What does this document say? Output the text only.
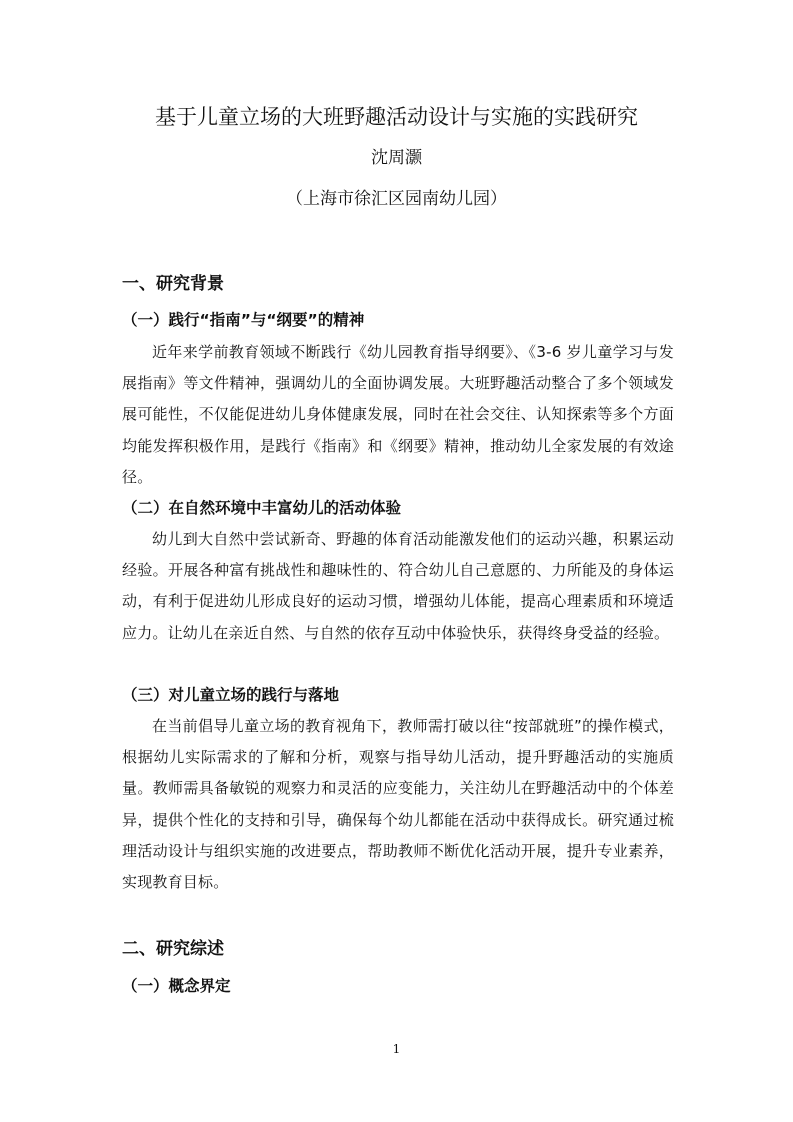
基于儿童立场的大班野趣活动设计与实施的实践研究
沈周灏
（上海市徐汇区园南幼儿园）
一、研究背景
（一）践行“指南”与“纲要”的精神

近年来学前教育领域不断践行《幼儿园教育指导纲要》、《3-6 岁儿童学习与发展指南》等文件精神，强调幼儿的全面协调发展。大班野趣活动整合了多个领域发展可能性，不仅能促进幼儿身体健康发展，同时在社会交往、认知探索等多个方面均能发挥积极作用，是践行《指南》和《纲要》精神，推动幼儿全家发展的有效途径。

（二）在自然环境中丰富幼儿的活动体验

幼儿到大自然中尝试新奇、野趣的体育活动能激发他们的运动兴趣，积累运动经验。开展各种富有挑战性和趣味性的、符合幼儿自己意愿的、力所能及的身体运动，有利于促进幼儿形成良好的运动习惯，增强幼儿体能，提高心理素质和环境适应力。让幼儿在亲近自然、与自然的依存互动中体验快乐，获得终身受益的经验。

（三）对儿童立场的践行与落地

在当前倡导儿童立场的教育视角下，教师需打破以往“按部就班”的操作模式，根据幼儿实际需求的了解和分析，观察与指导幼儿活动，提升野趣活动的实施质量。教师需具备敏锐的观察力和灵活的应变能力，关注幼儿在野趣活动中的个体差异，提供个性化的支持和引导，确保每个幼儿都能在活动中获得成长。研究通过梳理活动设计与组织实施的改进要点，帮助教师不断优化活动开展，提升专业素养，实现教育目标。

二、研究综述
（一）概念界定
1
